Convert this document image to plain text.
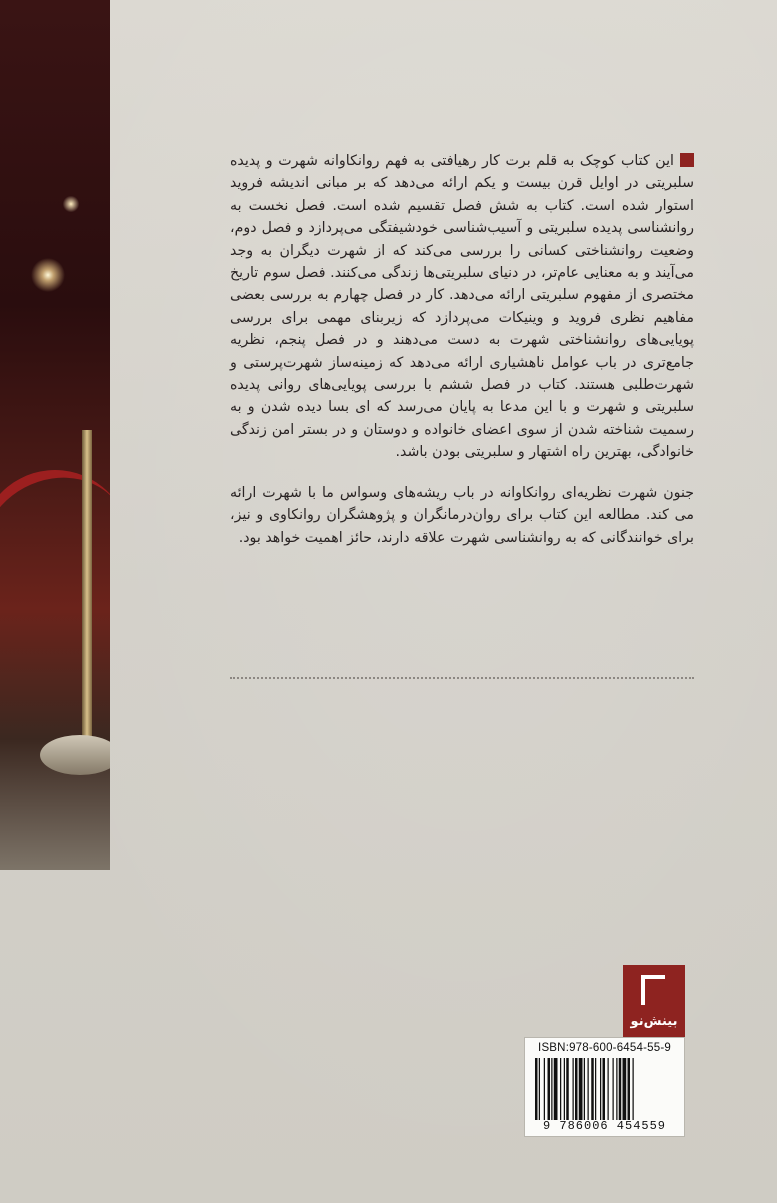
این کتاب کوچک به قلم برت کار رهیافتی به فهم روانکاوانه شهرت و پدیده سلبریتی در اوایل قرن بیست و یکم ارائه می‌دهد که بر مبانی اندیشه فروید استوار شده است. کتاب به شش فصل تقسیم شده است. فصل نخست به روانشناسی پدیده سلبریتی و آسیب‌شناسی خودشیفتگی می‌پردازد و فصل دوم، وضعیت روانشناختی کسانی را بررسی می‌کند که از شهرت دیگران به وجد می‌آیند و به معنایی عام‌تر، در دنیای سلبریتی‌ها زندگی می‌کنند. فصل سوم تاریخ مختصری از مفهوم سلبریتی ارائه می‌دهد. کار در فصل چهارم به بررسی بعضی مفاهیم نظری فروید و وینیکات می‌پردازد که زیربنای مهمی برای بررسی پویایی‌های روانشناختی شهرت به دست می‌دهند و در فصل پنجم، نظریه جامع‌تری در باب عوامل ناهشیاری ارائه می‌دهد که زمینه‌ساز شهرت‌پرستی و شهرت‌طلبی هستند. کتاب در فصل ششم با بررسی پویایی‌های روانی پدیده سلبریتی و شهرت و با این مدعا به پایان می‌رسد که ای بسا دیده شدن و به رسمیت شناخته شدن از سوی اعضای خانواده و دوستان و در بستر امن زندگی خانوادگی، بهترین راه اشتهار و سلبریتی بودن باشد.

جنون شهرت نظریه‌ای روانکاوانه در باب ریشه‌های وسواس ما با شهرت ارائه می کند. مطالعه این کتاب برای روان‌درمانگران و پژوهشگران روانکاوی و نیز، برای خوانندگانی که به روانشناسی شهرت علاقه دارند، حائز اهمیت خواهد بود.

بینش‌نو
ISBN:978-600-6454-55-9
9 786006 454559
